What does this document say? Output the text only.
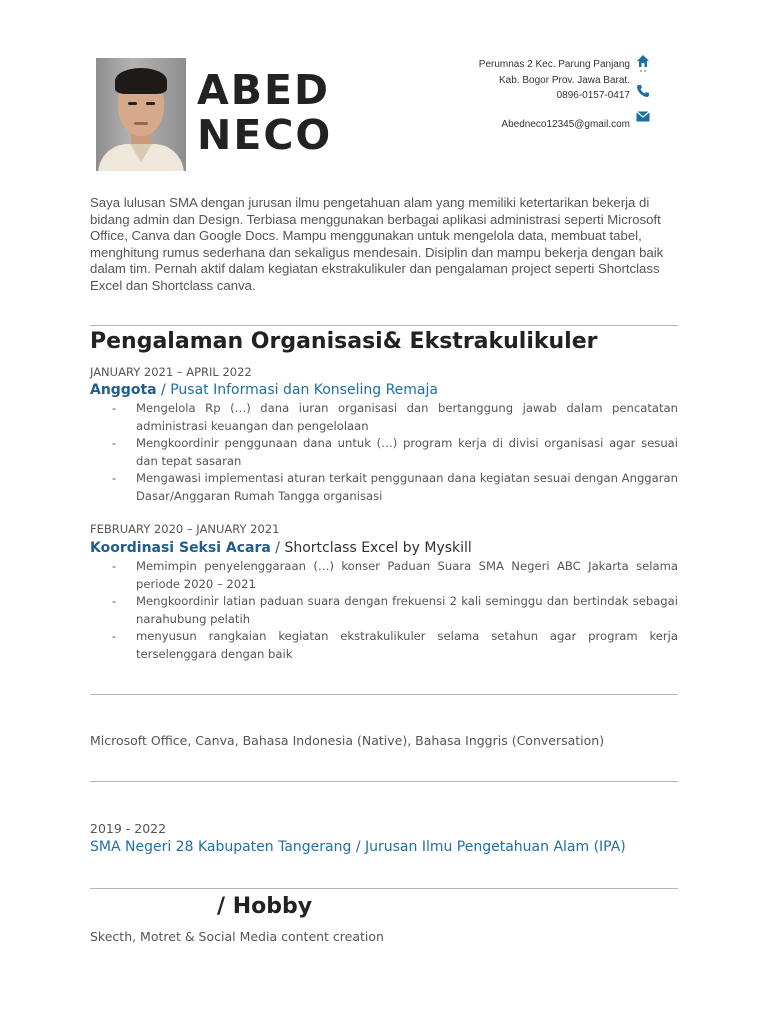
ABED
NECO
Perumnas 2 Kec. Parung Panjang
Kab. Bogor Prov. Jawa Barat.
0896-0157-0417
Abedneco12345@gmail.com
Saya lulusan SMA dengan jurusan ilmu pengetahuan alam yang memiliki ketertarikan bekerja di bidang admin dan Design. Terbiasa menggunakan berbagai aplikasi administrasi seperti Microsoft Office, Canva dan Google Docs. Mampu menggunakan untuk mengelola data, membuat tabel, menghitung rumus sederhana dan sekaligus mendesain. Disiplin dan mampu bekerja dengan baik dalam tim. Pernah aktif dalam kegiatan ekstrakulikuler dan pengalaman project seperti Shortclass Excel dan Shortclass canva.
Pengalaman Organisasi& Ekstrakulikuler
JANUARY 2021 – APRIL 2022
Anggota / Pusat Informasi dan Konseling Remaja
- Mengelola Rp (…) dana iuran organisasi dan bertanggung jawab dalam pencatatan administrasi keuangan dan pengelolaan
- Mengkoordinir penggunaan dana untuk (…) program kerja di divisi organisasi agar sesuai dan tepat sasaran
- Mengawasi implementasi aturan terkait penggunaan dana kegiatan sesuai dengan Anggaran Dasar/Anggaran Rumah Tangga organisasi
FEBRUARY 2020 – JANUARY 2021
Koordinasi Seksi Acara / Shortclass Excel by Myskill
- Memimpin penyelenggaraan (…) konser Paduan Suara SMA Negeri ABC Jakarta selama periode 2020 – 2021
- Mengkoordinir latian paduan suara dengan frekuensi 2 kali seminggu dan bertindak sebagai narahubung pelatih
- menyusun rangkaian kegiatan ekstrakulikuler selama setahun agar program kerja terselenggara dengan baik
Microsoft Office, Canva, Bahasa Indonesia (Native), Bahasa Inggris (Conversation)
2019 - 2022
SMA Negeri 28 Kabupaten Tangerang / Jurusan Ilmu Pengetahuan Alam (IPA)
/ Hobby
Skecth, Motret & Social Media content creation
